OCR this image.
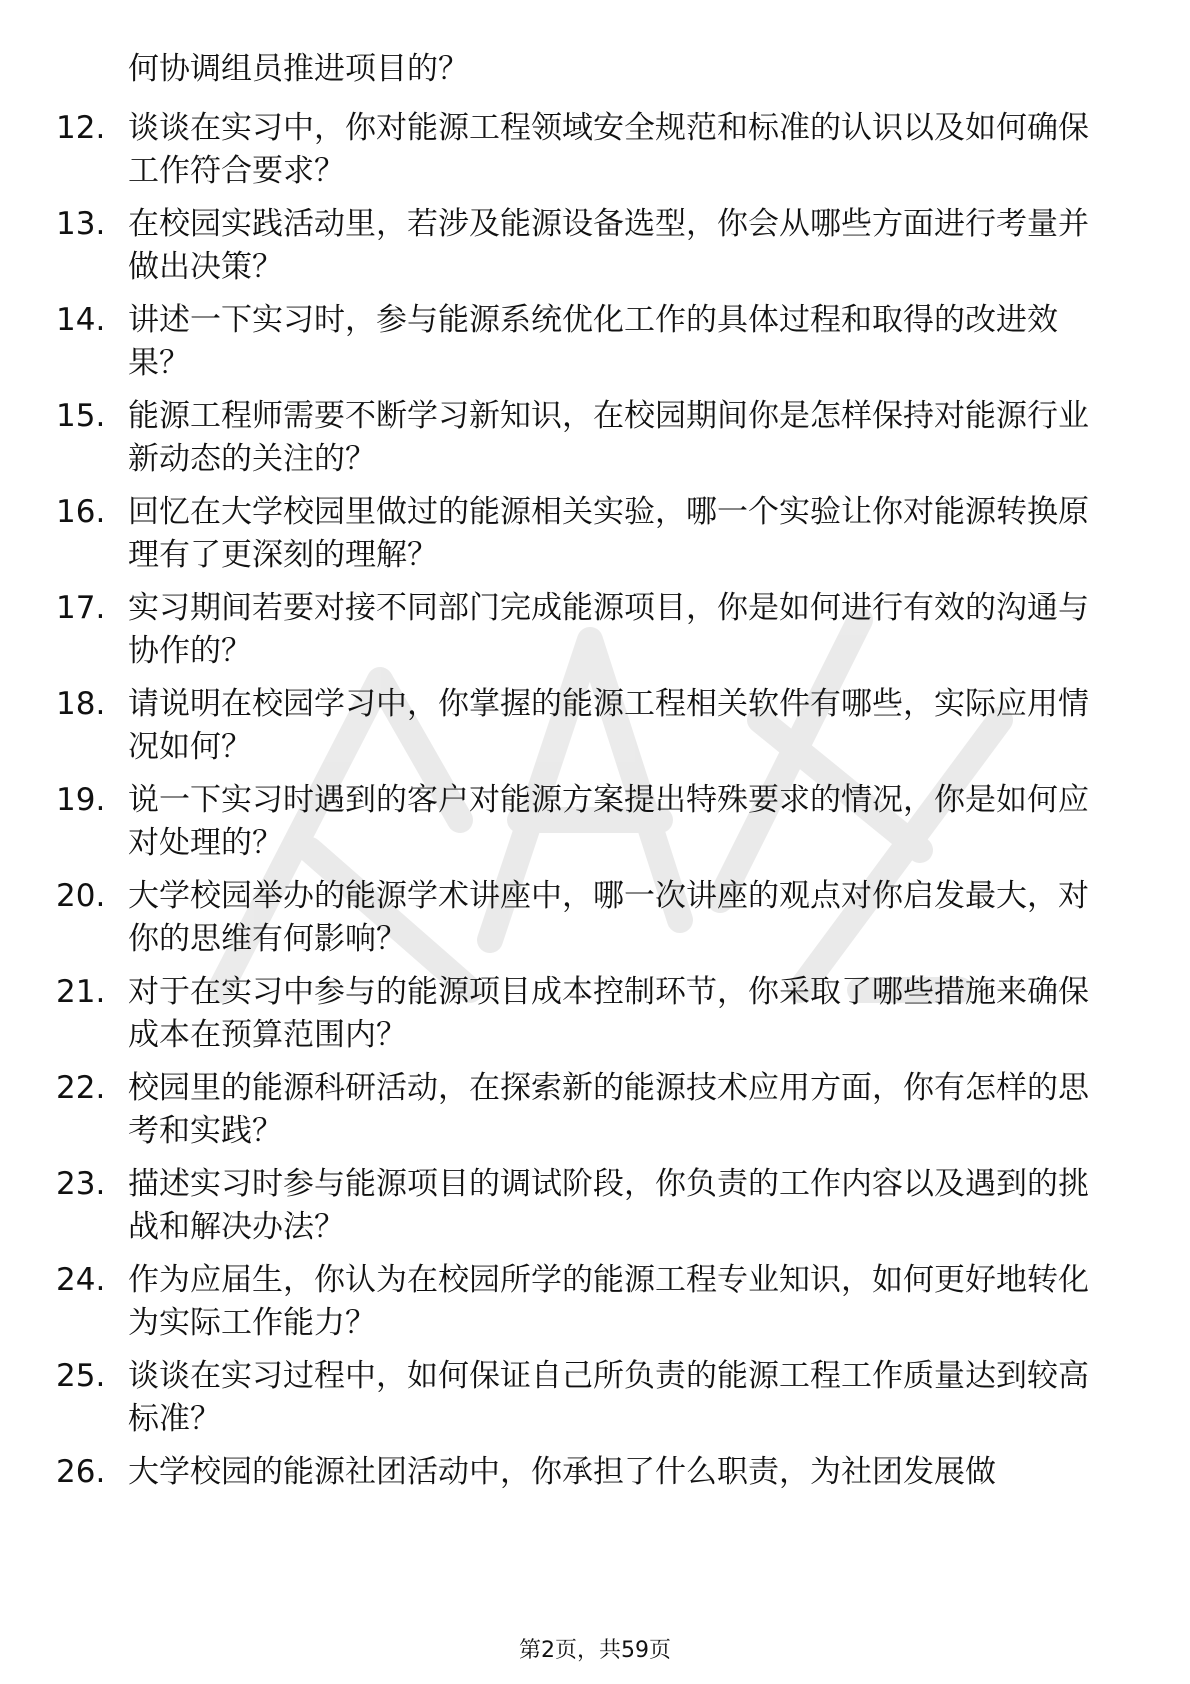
何协调组员推进项目的？
12. 谈谈在实习中，你对能源工程领域安全规范和标准的认识以及如何确保工作符合要求？
13. 在校园实践活动里，若涉及能源设备选型，你会从哪些方面进行考量并做出决策？
14. 讲述一下实习时，参与能源系统优化工作的具体过程和取得的改进效果？
15. 能源工程师需要不断学习新知识，在校园期间你是怎样保持对能源行业新动态的关注的？
16. 回忆在大学校园里做过的能源相关实验，哪一个实验让你对能源转换原理有了更深刻的理解？
17. 实习期间若要对接不同部门完成能源项目，你是如何进行有效的沟通与协作的？
18. 请说明在校园学习中，你掌握的能源工程相关软件有哪些，实际应用情况如何？
19. 说一下实习时遇到的客户对能源方案提出特殊要求的情况，你是如何应对处理的？
20. 大学校园举办的能源学术讲座中，哪一次讲座的观点对你启发最大，对你的思维有何影响？
21. 对于在实习中参与的能源项目成本控制环节，你采取了哪些措施来确保成本在预算范围内？
22. 校园里的能源科研活动，在探索新的能源技术应用方面，你有怎样的思考和实践？
23. 描述实习时参与能源项目的调试阶段，你负责的工作内容以及遇到的挑战和解决办法？
24. 作为应届生，你认为在校园所学的能源工程专业知识，如何更好地转化为实际工作能力？
25. 谈谈在实习过程中，如何保证自己所负责的能源工程工作质量达到较高标准？
26. 大学校园的能源社团活动中，你承担了什么职责，为社团发展做
第2页，共59页
